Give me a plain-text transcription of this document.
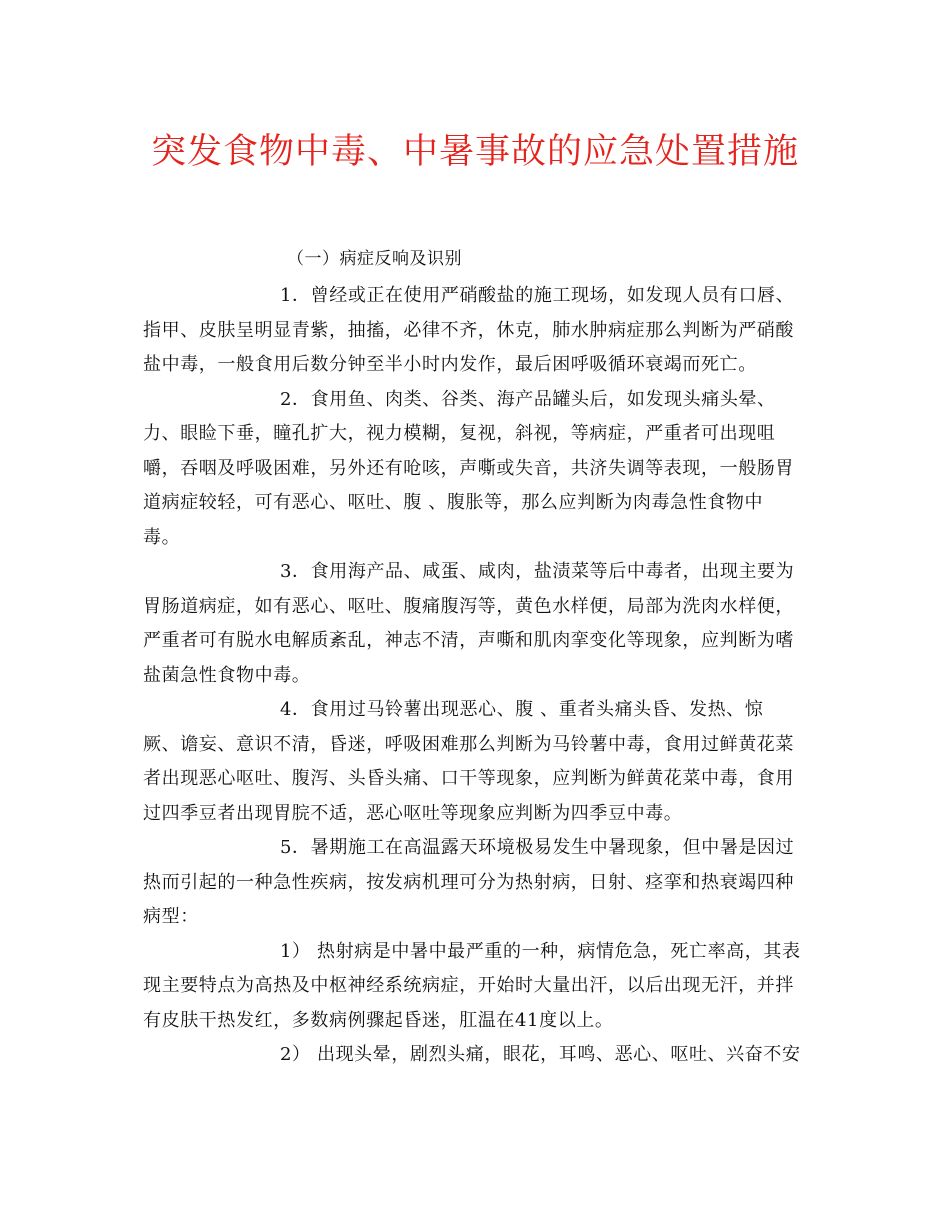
突发食物中毒、中暑事故的应急处置措施
（一）病症反响及识别
1．曾经或正在使用严硝酸盐的施工现场，如发现人员有口唇、
指甲、皮肤呈明显青紫，抽搐，必律不齐，休克，肺水肿病症那么判断为严硝酸
盐中毒，一般食用后数分钟至半小时内发作，最后困呼吸循环衰竭而死亡。
2．食用鱼、肉类、谷类、海产品罐头后，如发现头痛头晕、
力、眼睑下垂，瞳孔扩大，视力模糊，复视，斜视，等病症，严重者可出现咀
嚼，吞咽及呼吸困难，另外还有呛咳，声嘶或失音，共济失调等表现，一般肠胃
道病症较轻，可有恶心、呕吐、腹 、腹胀等，那么应判断为肉毒急性食物中
毒。
3．食用海产品、咸蛋、咸肉，盐渍菜等后中毒者，出现主要为
胃肠道病症，如有恶心、呕吐、腹痛腹泻等，黄色水样便，局部为洗肉水样便，
严重者可有脱水电解质紊乱，神志不清，声嘶和肌肉挛变化等现象，应判断为嗜
盐菌急性食物中毒。
4．食用过马铃薯出现恶心、腹 、重者头痛头昏、发热、惊
厥、谵妄、意识不清，昏迷，呼吸困难那么判断为马铃薯中毒，食用过鲜黄花菜
者出现恶心呕吐、腹泻、头昏头痛、口干等现象，应判断为鲜黄花菜中毒，食用
过四季豆者出现胃脘不适，恶心呕吐等现象应判断为四季豆中毒。
5．暑期施工在高温露天环境极易发生中暑现象，但中暑是因过
热而引起的一种急性疾病，按发病机理可分为热射病，日射、痉挛和热衰竭四种
病型：
1） 热射病是中暑中最严重的一种，病情危急，死亡率高，其表
现主要特点为高热及中枢神经系统病症，开始时大量出汗，以后出现无汗，并拌
有皮肤干热发红，多数病例骤起昏迷，肛温在41度以上。
2） 出现头晕，剧烈头痛，眼花，耳鸣、恶心、呕吐、兴奋不安
